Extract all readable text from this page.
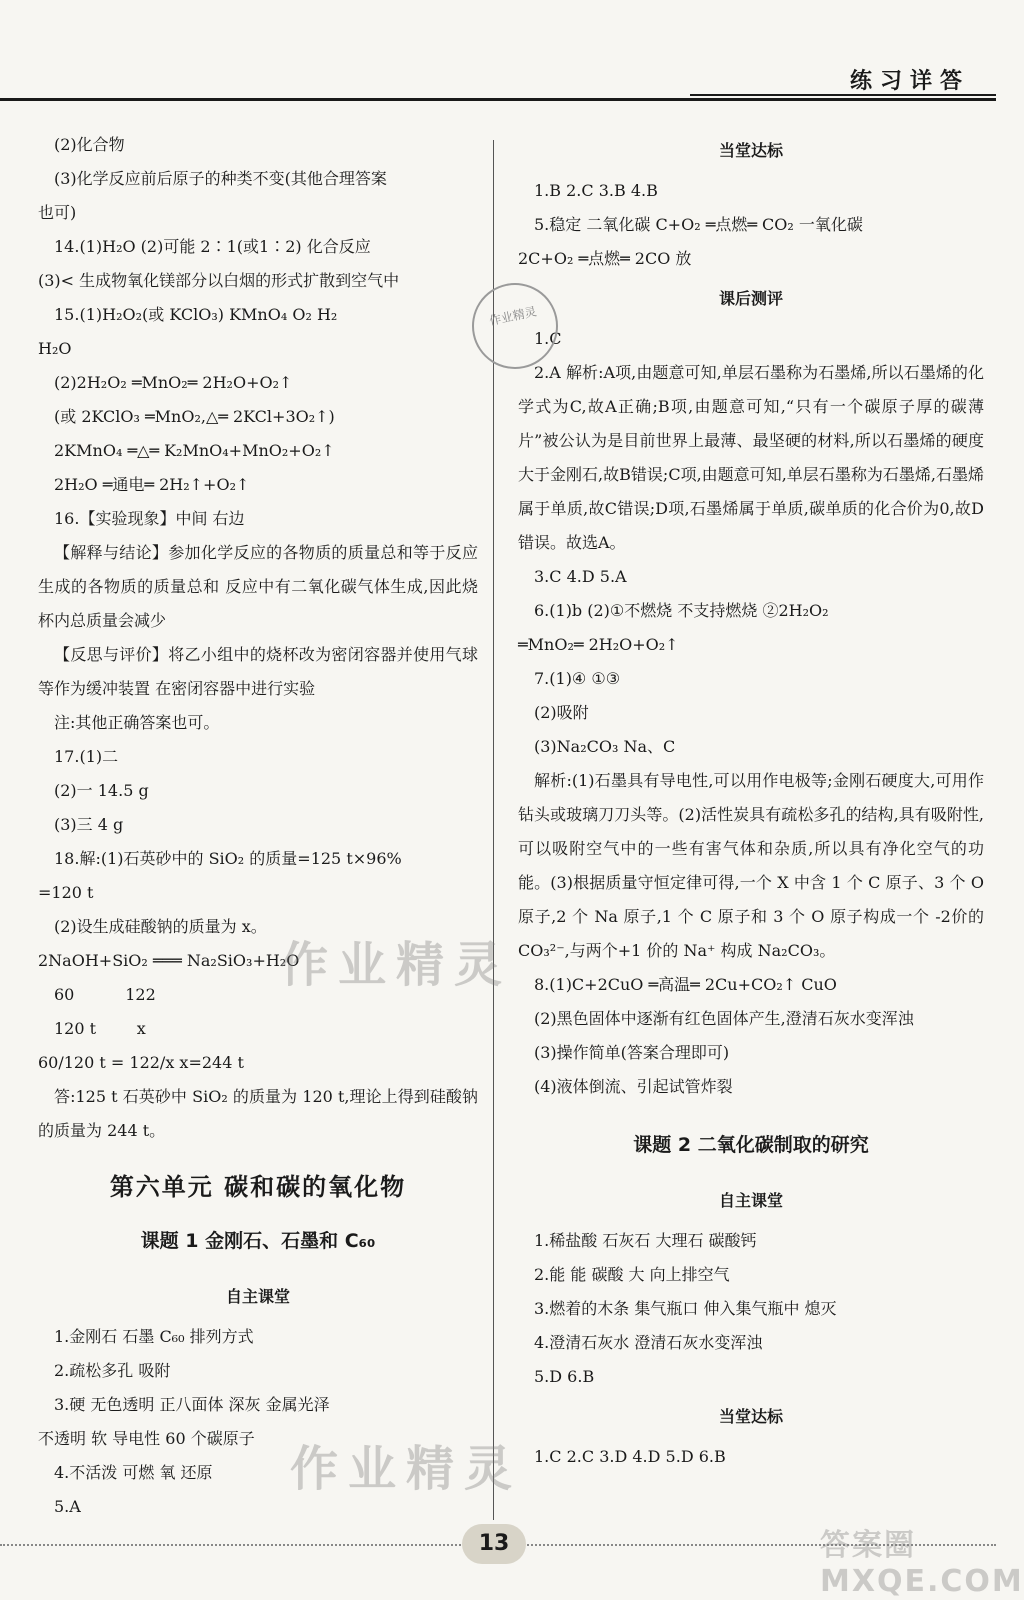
练习详答
(2)化合物
(3)化学反应前后原子的种类不变(其他合理答案
也可)
14.(1)H₂O (2)可能 2∶1(或1∶2) 化合反应
(3)< 生成物氧化镁部分以白烟的形式扩散到空气中
15.(1)H₂O₂(或 KClO₃) KMnO₄ O₂ H₂
H₂O
(2)2H₂O₂ ═MnO₂═ 2H₂O+O₂↑
(或 2KClO₃ ═MnO₂,△═ 2KCl+3O₂↑)
2KMnO₄ ═△═ K₂MnO₄+MnO₂+O₂↑
2H₂O ═通电═ 2H₂↑+O₂↑
16.【实验现象】中间 右边
【解释与结论】参加化学反应的各物质的质量总和等于反应生成的各物质的质量总和 反应中有二氧化碳气体生成,因此烧杯内总质量会减少
【反思与评价】将乙小组中的烧杯改为密闭容器并使用气球等作为缓冲装置 在密闭容器中进行实验
注:其他正确答案也可。
17.(1)二
(2)一 14.5 g
(3)三 4 g
18.解:(1)石英砂中的 SiO₂ 的质量=125 t×96%
=120 t
(2)设生成硅酸钠的质量为 x。
2NaOH+SiO₂ ═══ Na₂SiO₃+H₂O
60          122
120 t        x
60/120 t = 122/x x=244 t
答:125 t 石英砂中 SiO₂ 的质量为 120 t,理论上得到硅酸钠的质量为 244 t。
第六单元 碳和碳的氧化物
课题 1 金刚石、石墨和 C₆₀
自主课堂
1.金刚石 石墨 C₆₀ 排列方式
2.疏松多孔 吸附
3.硬 无色透明 正八面体 深灰 金属光泽
不透明 软 导电性 60 个碳原子
4.不活泼 可燃 氧 还原
5.A
当堂达标
1.B 2.C 3.B 4.B
5.稳定 二氧化碳 C+O₂ ═点燃═ CO₂ 一氧化碳
2C+O₂ ═点燃═ 2CO 放
课后测评
1.C
2.A 解析:A项,由题意可知,单层石墨称为石墨烯,所以石墨烯的化学式为C,故A正确;B项,由题意可知,“只有一个碳原子厚的碳薄片”被公认为是目前世界上最薄、最坚硬的材料,所以石墨烯的硬度大于金刚石,故B错误;C项,由题意可知,单层石墨称为石墨烯,石墨烯属于单质,故C错误;D项,石墨烯属于单质,碳单质的化合价为0,故D错误。故选A。
3.C 4.D 5.A
6.(1)b (2)①不燃烧 不支持燃烧 ②2H₂O₂
═MnO₂═ 2H₂O+O₂↑
7.(1)④ ①③
(2)吸附
(3)Na₂CO₃ Na、C
解析:(1)石墨具有导电性,可以用作电极等;金刚石硬度大,可用作钻头或玻璃刀刀头等。(2)活性炭具有疏松多孔的结构,具有吸附性,可以吸附空气中的一些有害气体和杂质,所以具有净化空气的功能。(3)根据质量守恒定律可得,一个 X 中含 1 个 C 原子、3 个 O 原子,2 个 Na 原子,1 个 C 原子和 3 个 O 原子构成一个 -2价的 CO₃²⁻,与两个+1 价的 Na⁺ 构成 Na₂CO₃。
8.(1)C+2CuO ═高温═ 2Cu+CO₂↑ CuO
(2)黑色固体中逐渐有红色固体产生,澄清石灰水变浑浊
(3)操作简单(答案合理即可)
(4)液体倒流、引起试管炸裂
课题 2 二氧化碳制取的研究
自主课堂
1.稀盐酸 石灰石 大理石 碳酸钙
2.能 能 碳酸 大 向上排空气
3.燃着的木条 集气瓶口 伸入集气瓶中 熄灭
4.澄清石灰水 澄清石灰水变浑浊
5.D 6.B
当堂达标
1.C 2.C 3.D 4.D 5.D 6.B
作业精灵
作业精灵
作业精灵
13	答案圈 MXQE.COM
